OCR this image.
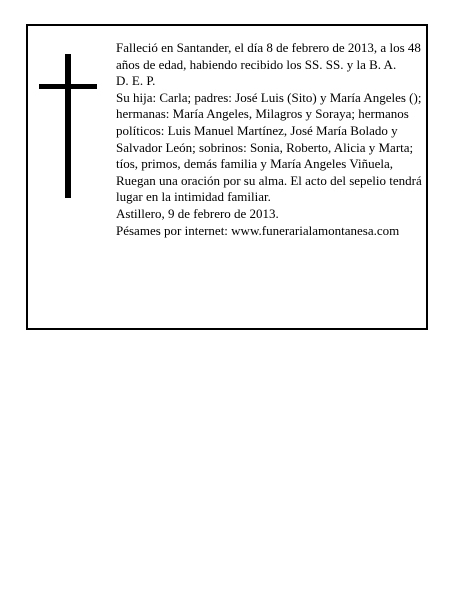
Falleció en Santander, el día 8 de febrero de 2013, a los 48 años de edad, habiendo recibido los SS. SS. y la B. A.

D. E. P.

Su hija: Carla; padres: José Luis (Sito) y María Angeles (); hermanas: María Angeles, Milagros y Soraya; hermanos políticos: Luis Manuel Martínez, José María Bolado y Salvador León; sobrinos: Sonia, Roberto, Alicia y Marta; tíos, primos, demás familia y María Angeles Viñuela,

Ruegan una oración por su alma. El acto del sepelio tendrá lugar en la intimidad familiar.

Astillero, 9 de febrero de 2013.

Pésames por internet: www.funerarialamontanesa.com
